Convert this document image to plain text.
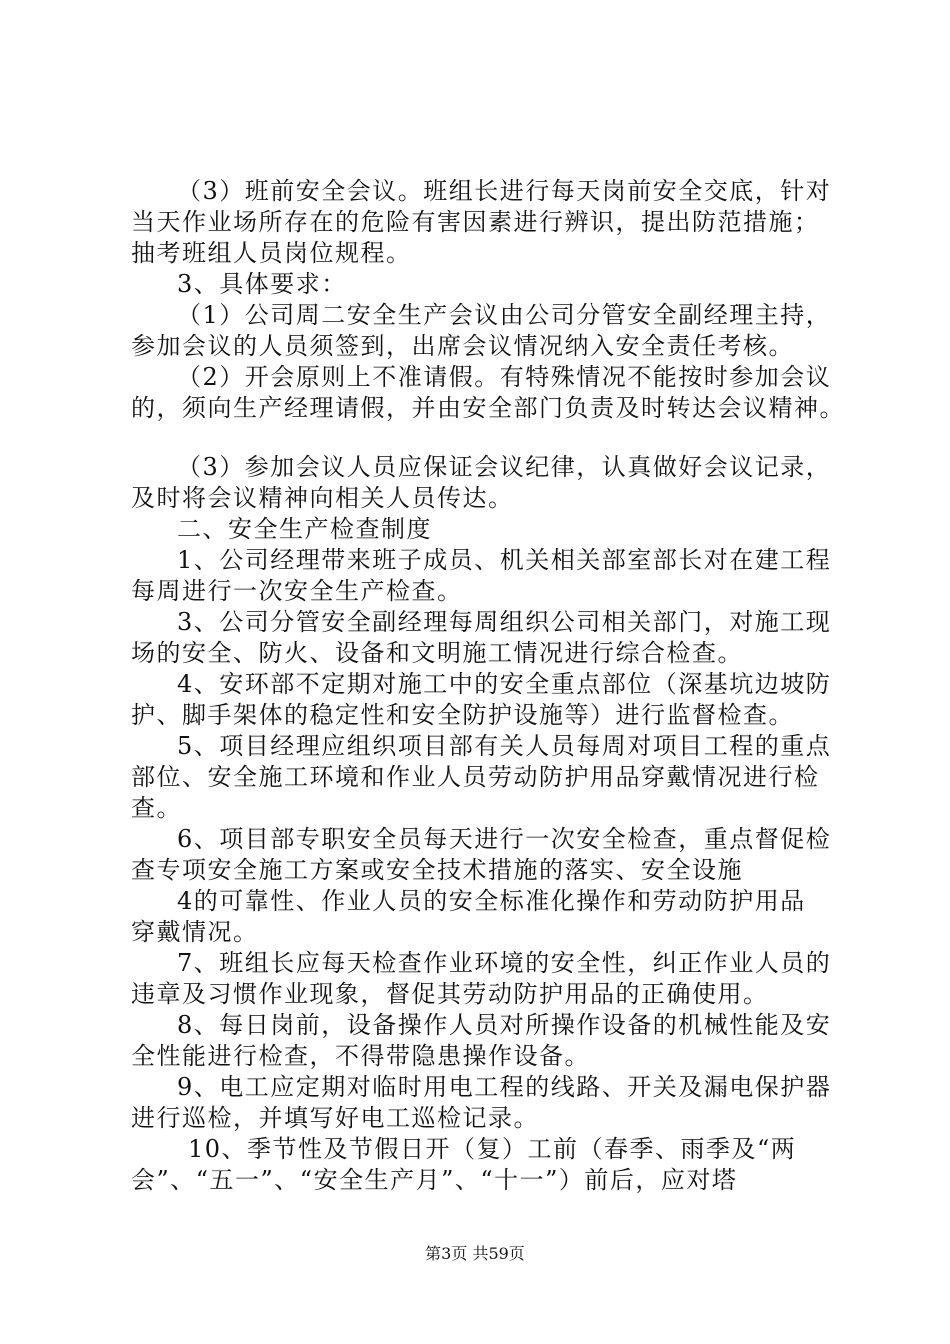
（3）班前安全会议。班组长进行每天岗前安全交底，针对
当天作业场所存在的危险有害因素进行辨识，提出防范措施；
抽考班组人员岗位规程。
3、具体要求：
（1）公司周二安全生产会议由公司分管安全副经理主持，
参加会议的人员须签到，出席会议情况纳入安全责任考核。
（2）开会原则上不准请假。有特殊情况不能按时参加会议
的，须向生产经理请假，并由安全部门负责及时转达会议精神。
（3）参加会议人员应保证会议纪律，认真做好会议记录，
及时将会议精神向相关人员传达。
二、安全生产检查制度
1、公司经理带来班子成员、机关相关部室部长对在建工程
每周进行一次安全生产检查。
3、公司分管安全副经理每周组织公司相关部门，对施工现
场的安全、防火、设备和文明施工情况进行综合检查。
4、安环部不定期对施工中的安全重点部位（深基坑边坡防
护、脚手架体的稳定性和安全防护设施等）进行监督检查。
5、项目经理应组织项目部有关人员每周对项目工程的重点
部位、安全施工环境和作业人员劳动防护用品穿戴情况进行检
查。
6、项目部专职安全员每天进行一次安全检查，重点督促检
查专项安全施工方案或安全技术措施的落实、安全设施
4的可靠性、作业人员的安全标准化操作和劳动防护用品
穿戴情况。
7、班组长应每天检查作业环境的安全性，纠正作业人员的
违章及习惯作业现象，督促其劳动防护用品的正确使用。
8、每日岗前，设备操作人员对所操作设备的机械性能及安
全性能进行检查，不得带隐患操作设备。
9、电工应定期对临时用电工程的线路、开关及漏电保护器
进行巡检，并填写好电工巡检记录。
10、季节性及节假日开（复）工前（春季、雨季及“两
会”、“五一”、“安全生产月”、“十一”）前后，应对塔
第3页 共59页
